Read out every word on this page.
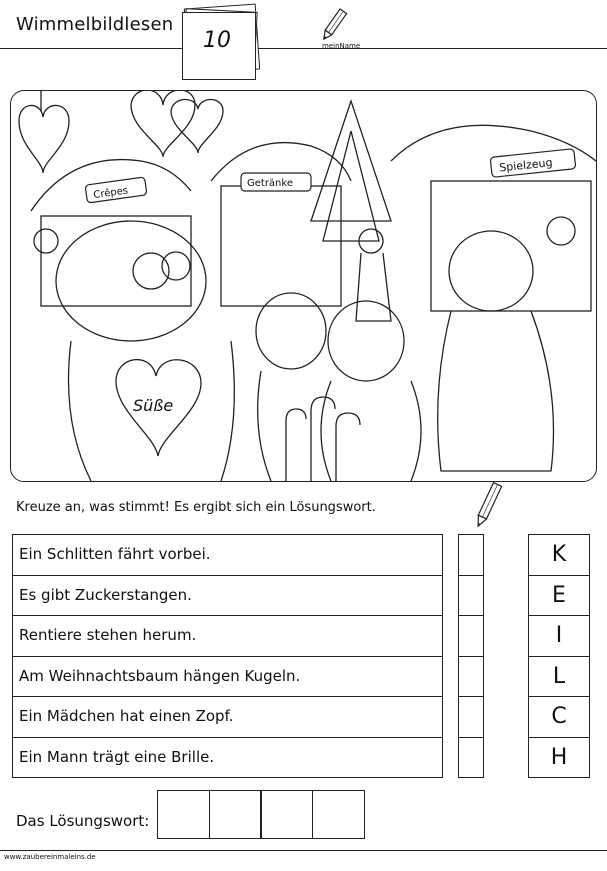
Wimmelbildlesen
10	meinName
Crêpes
Getränke
Spielzeug
Süße
Kreuze an, was stimmt! Es ergibt sich ein Lösungswort.
Ein Schlitten fährt vorbei.
Es gibt Zuckerstangen.
Rentiere stehen herum.
Am Weihnachtsbaum hängen Kugeln.
Ein Mädchen hat einen Zopf.
Ein Mann trägt eine Brille.
K
E
I
L
C
H
Das Lösungswort:
www.zaubereinmaleins.de
